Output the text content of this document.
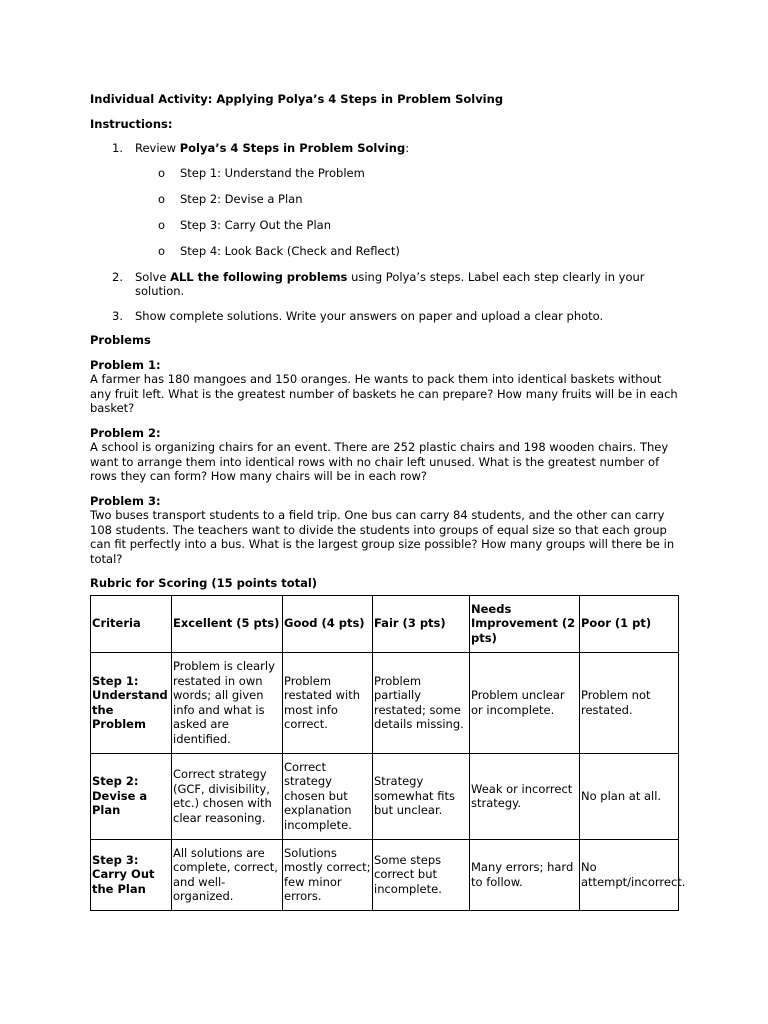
Individual Activity: Applying Polya’s 4 Steps in Problem Solving

Instructions:

1. Review Polya’s 4 Steps in Problem Solving:
o Step 1: Understand the Problem
o Step 2: Devise a Plan
o Step 3: Carry Out the Plan
o Step 4: Look Back (Check and Reflect)
2. Solve ALL the following problems using Polya’s steps. Label each step clearly in your solution.
3. Show complete solutions. Write your answers on paper and upload a clear photo.

Problems

Problem 1:

A farmer has 180 mangoes and 150 oranges. He wants to pack them into identical baskets without any fruit left. What is the greatest number of baskets he can prepare? How many fruits will be in each basket?

Problem 2:

A school is organizing chairs for an event. There are 252 plastic chairs and 198 wooden chairs. They want to arrange them into identical rows with no chair left unused. What is the greatest number of rows they can form? How many chairs will be in each row?

Problem 3:

Two buses transport students to a field trip. One bus can carry 84 students, and the other can carry 108 students. The teachers want to divide the students into groups of equal size so that each group can fit perfectly into a bus. What is the largest group size possible? How many groups will there be in total?

Rubric for Scoring (15 points total)

Criteria	Excellent (5 pts)	Good (4 pts)	Fair (3 pts)	Needs Improvement (2 pts)	Poor (1 pt)
Step 1: Understand the Problem	Problem is clearly restated in own words; all given info and what is asked are identified.	Problem restated with most info correct.	Problem partially restated; some details missing.	Problem unclear or incomplete.	Problem not restated.
Step 2: Devise a Plan	Correct strategy (GCF, divisibility, etc.) chosen with clear reasoning.	Correct strategy chosen but explanation incomplete.	Strategy somewhat fits but unclear.	Weak or incorrect strategy.	No plan at all.
Step 3: Carry Out the Plan	All solutions are complete, correct, and well-organized.	Solutions mostly correct; few minor errors.	Some steps correct but incomplete.	Many errors; hard to follow.	No attempt/incorrect.
